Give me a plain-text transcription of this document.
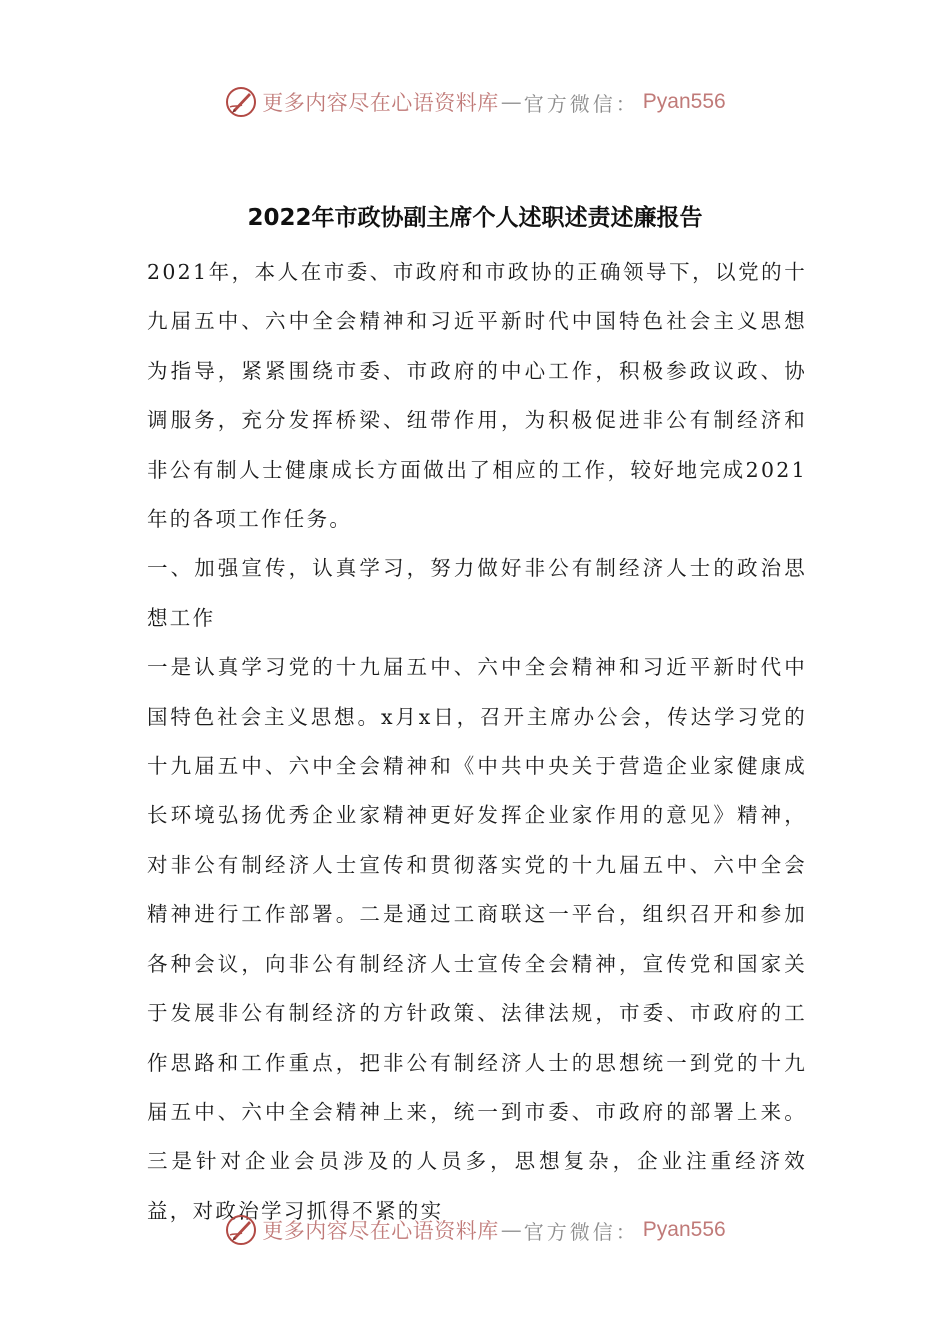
更多内容尽在心语资料库 — 官方微信： Pyan556
2022年市政协副主席个人述职述责述廉报告

2021年，本人在市委、市政府和市政协的正确领导下，以党的十九届五中、六中全会精神和习近平新时代中国特色社会主义思想为指导，紧紧围绕市委、市政府的中心工作，积极参政议政、协调服务，充分发挥桥梁、纽带作用，为积极促进非公有制经济和非公有制人士健康成长方面做出了相应的工作，较好地完成2021年的各项工作任务。

一、加强宣传，认真学习，努力做好非公有制经济人士的政治思想工作

一是认真学习党的十九届五中、六中全会精神和习近平新时代中国特色社会主义思想。x月x日，召开主席办公会，传达学习党的十九届五中、六中全会精神和《中共中央关于营造企业家健康成长环境弘扬优秀企业家精神更好发挥企业家作用的意见》精神，对非公有制经济人士宣传和贯彻落实党的十九届五中、六中全会精神进行工作部署。二是通过工商联这一平台，组织召开和参加各种会议，向非公有制经济人士宣传全会精神，宣传党和国家关于发展非公有制经济的方针政策、法律法规，市委、市政府的工作思路和工作重点，把非公有制经济人士的思想统一到党的十九届五中、六中全会精神上来，统一到市委、市政府的部署上来。三是针对企业会员涉及的人员多，思想复杂，企业注重经济效益，对政治学习抓得不紧的实

更多内容尽在心语资料库 — 官方微信： Pyan556
